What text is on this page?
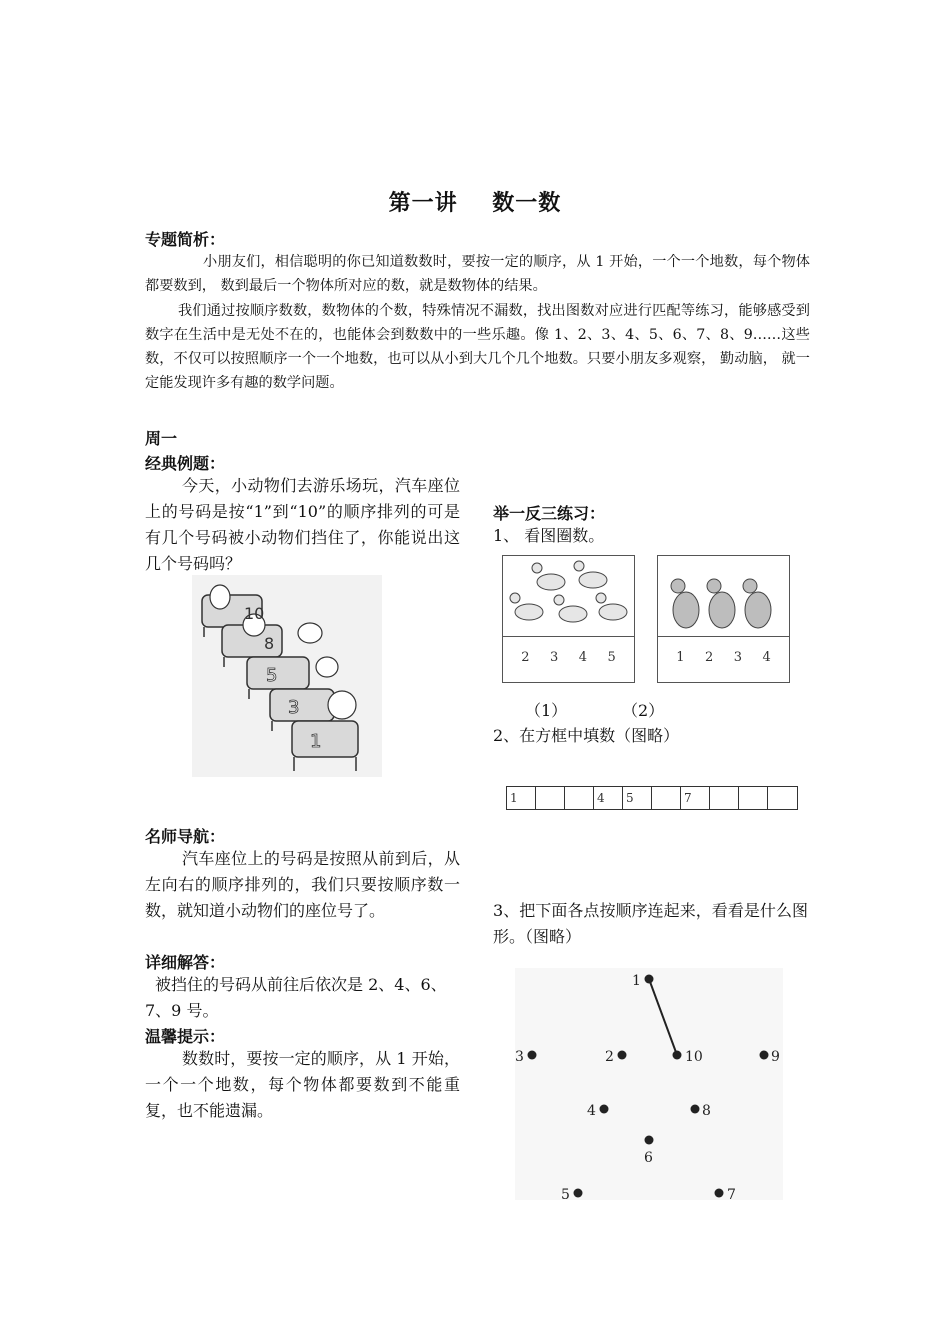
第一讲    数一数
专题简析：
小朋友们，相信聪明的你已知道数数时，要按一定的顺序，从 1 开始，一个一个地数，每个物体都要数到， 数到最后一个物体所对应的数，就是数物体的结果。
我们通过按顺序数数，数物体的个数，特殊情况不漏数，找出图数对应进行匹配等练习，能够感受到数字在生活中是无处不在的，也能体会到数数中的一些乐趣。像 1、2、3、4、5、6、7、8、9……这些数，不仅可以按照顺序一个一个地数，也可以从小到大几个几个地数。只要小朋友多观察， 勤动脑， 就一定能发现许多有趣的数学问题。
周一
经典例题：
今天，小动物们去游乐场玩，汽车座位上的号码是按“1”到“10”的顺序排列的可是有几个号码被小动物们挡住了，你能说出这几个号码吗？
10
8
5
3
1
名师导航：
汽车座位上的号码是按照从前到后，从左向右的顺序排列的，我们只要按顺序数一数，就知道小动物们的座位号了。
详细解答：
被挡住的号码从前往后依次是 2、4、6、7、9 号。
温馨提示：
数数时，要按一定的顺序，从 1 开始，一个一个地数，每个物体都要数到不能重复，也不能遗漏。
举一反三练习：
1、 看图圈数。
2 3 4 5	1 2 3 4
（1）	（2）
2、在方框中填数（图略）
1	4	5	7
3、把下面各点按顺序连起来，看看是什么图形。（图略）
1
2
3
4
5
6
7
8
9
10
